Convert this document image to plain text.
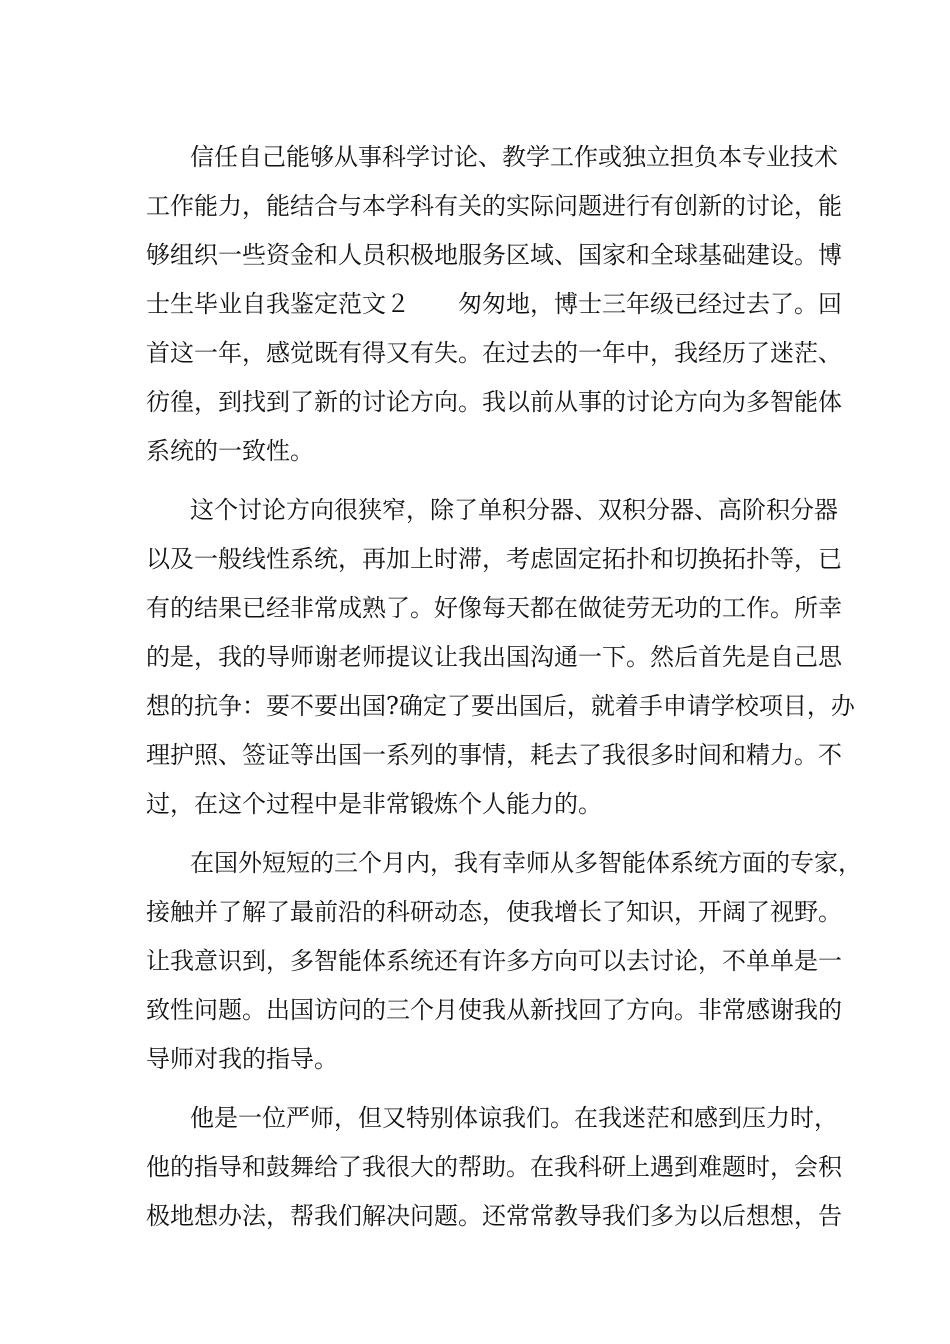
信任自己能够从事科学讨论、教学工作或独立担负本专业技术
工作能力，能结合与本学科有关的实际问题进行有创新的讨论，能
够组织一些资金和人员积极地服务区域、国家和全球基础建设。博
士生毕业自我鉴定范文２　　匆匆地，博士三年级已经过去了。回
首这一年，感觉既有得又有失。在过去的一年中，我经历了迷茫、
彷徨，到找到了新的讨论方向。我以前从事的讨论方向为多智能体
系统的一致性。
这个讨论方向很狭窄，除了单积分器、双积分器、高阶积分器
以及一般线性系统，再加上时滞，考虑固定拓扑和切换拓扑等，已
有的结果已经非常成熟了。好像每天都在做徒劳无功的工作。所幸
的是，我的导师谢老师提议让我出国沟通一下。然后首先是自己思
想的抗争：要不要出国?确定了要出国后，就着手申请学校项目，办
理护照、签证等出国一系列的事情，耗去了我很多时间和精力。不
过，在这个过程中是非常锻炼个人能力的。
在国外短短的三个月内，我有幸师从多智能体系统方面的专家，
接触并了解了最前沿的科研动态，使我增长了知识，开阔了视野。
让我意识到，多智能体系统还有许多方向可以去讨论，不单单是一
致性问题。出国访问的三个月使我从新找回了方向。非常感谢我的
导师对我的指导。
他是一位严师，但又特别体谅我们。在我迷茫和感到压力时，
他的指导和鼓舞给了我很大的帮助。在我科研上遇到难题时，会积
极地想办法，帮我们解决问题。还常常教导我们多为以后想想，告
